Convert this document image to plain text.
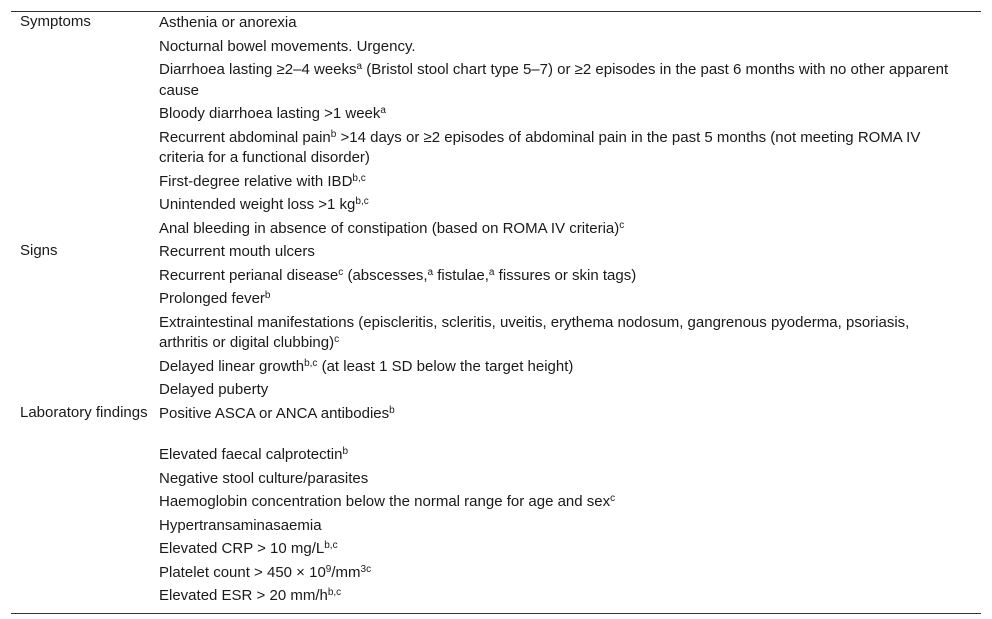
Symptoms	Asthenia or anorexia
	Nocturnal bowel movements. Urgency.
	Diarrhoea lasting ≥2–4 weeks$^a$ (Bristol stool chart type 5–7) or ≥2 episodes in the past 6 months with no other apparent cause
	Bloody diarrhoea lasting >1 week$^a$
	Recurrent abdominal pain$^b$ >14 days or ≥2 episodes of abdominal pain in the past 5 months (not meeting ROMA IV criteria for a functional disorder)
	First-degree relative with IBD$^{b,c}$
	Unintended weight loss >1 kg$^{b,c}$
	Anal bleeding in absence of constipation (based on ROMA IV criteria)$^c$
Signs	Recurrent mouth ulcers
	Recurrent perianal disease$^c$ (abscesses,$^a$ fistulae,$^a$ fissures or skin tags)
	Prolonged fever$^b$
	Extraintestinal manifestations (episcleritis, scleritis, uveitis, erythema nodosum, gangrenous pyoderma, psoriasis, arthritis or digital clubbing)$^c$
	Delayed linear growth$^{b,c}$ (at least 1 SD below the target height)
	Delayed puberty
Laboratory findings	Positive ASCA or ANCA antibodies$^b$
	Elevated faecal calprotectin$^b$
	Negative stool culture/parasites
	Haemoglobin concentration below the normal range for age and sex$^c$
	Hypertransaminasaemia
	Elevated CRP > 10 $mg/L^{b,c}$
	Platelet count > $450 \times 10^9/mm^{3c}$
	Elevated ESR > 20 $mm/h^{b,c}$
